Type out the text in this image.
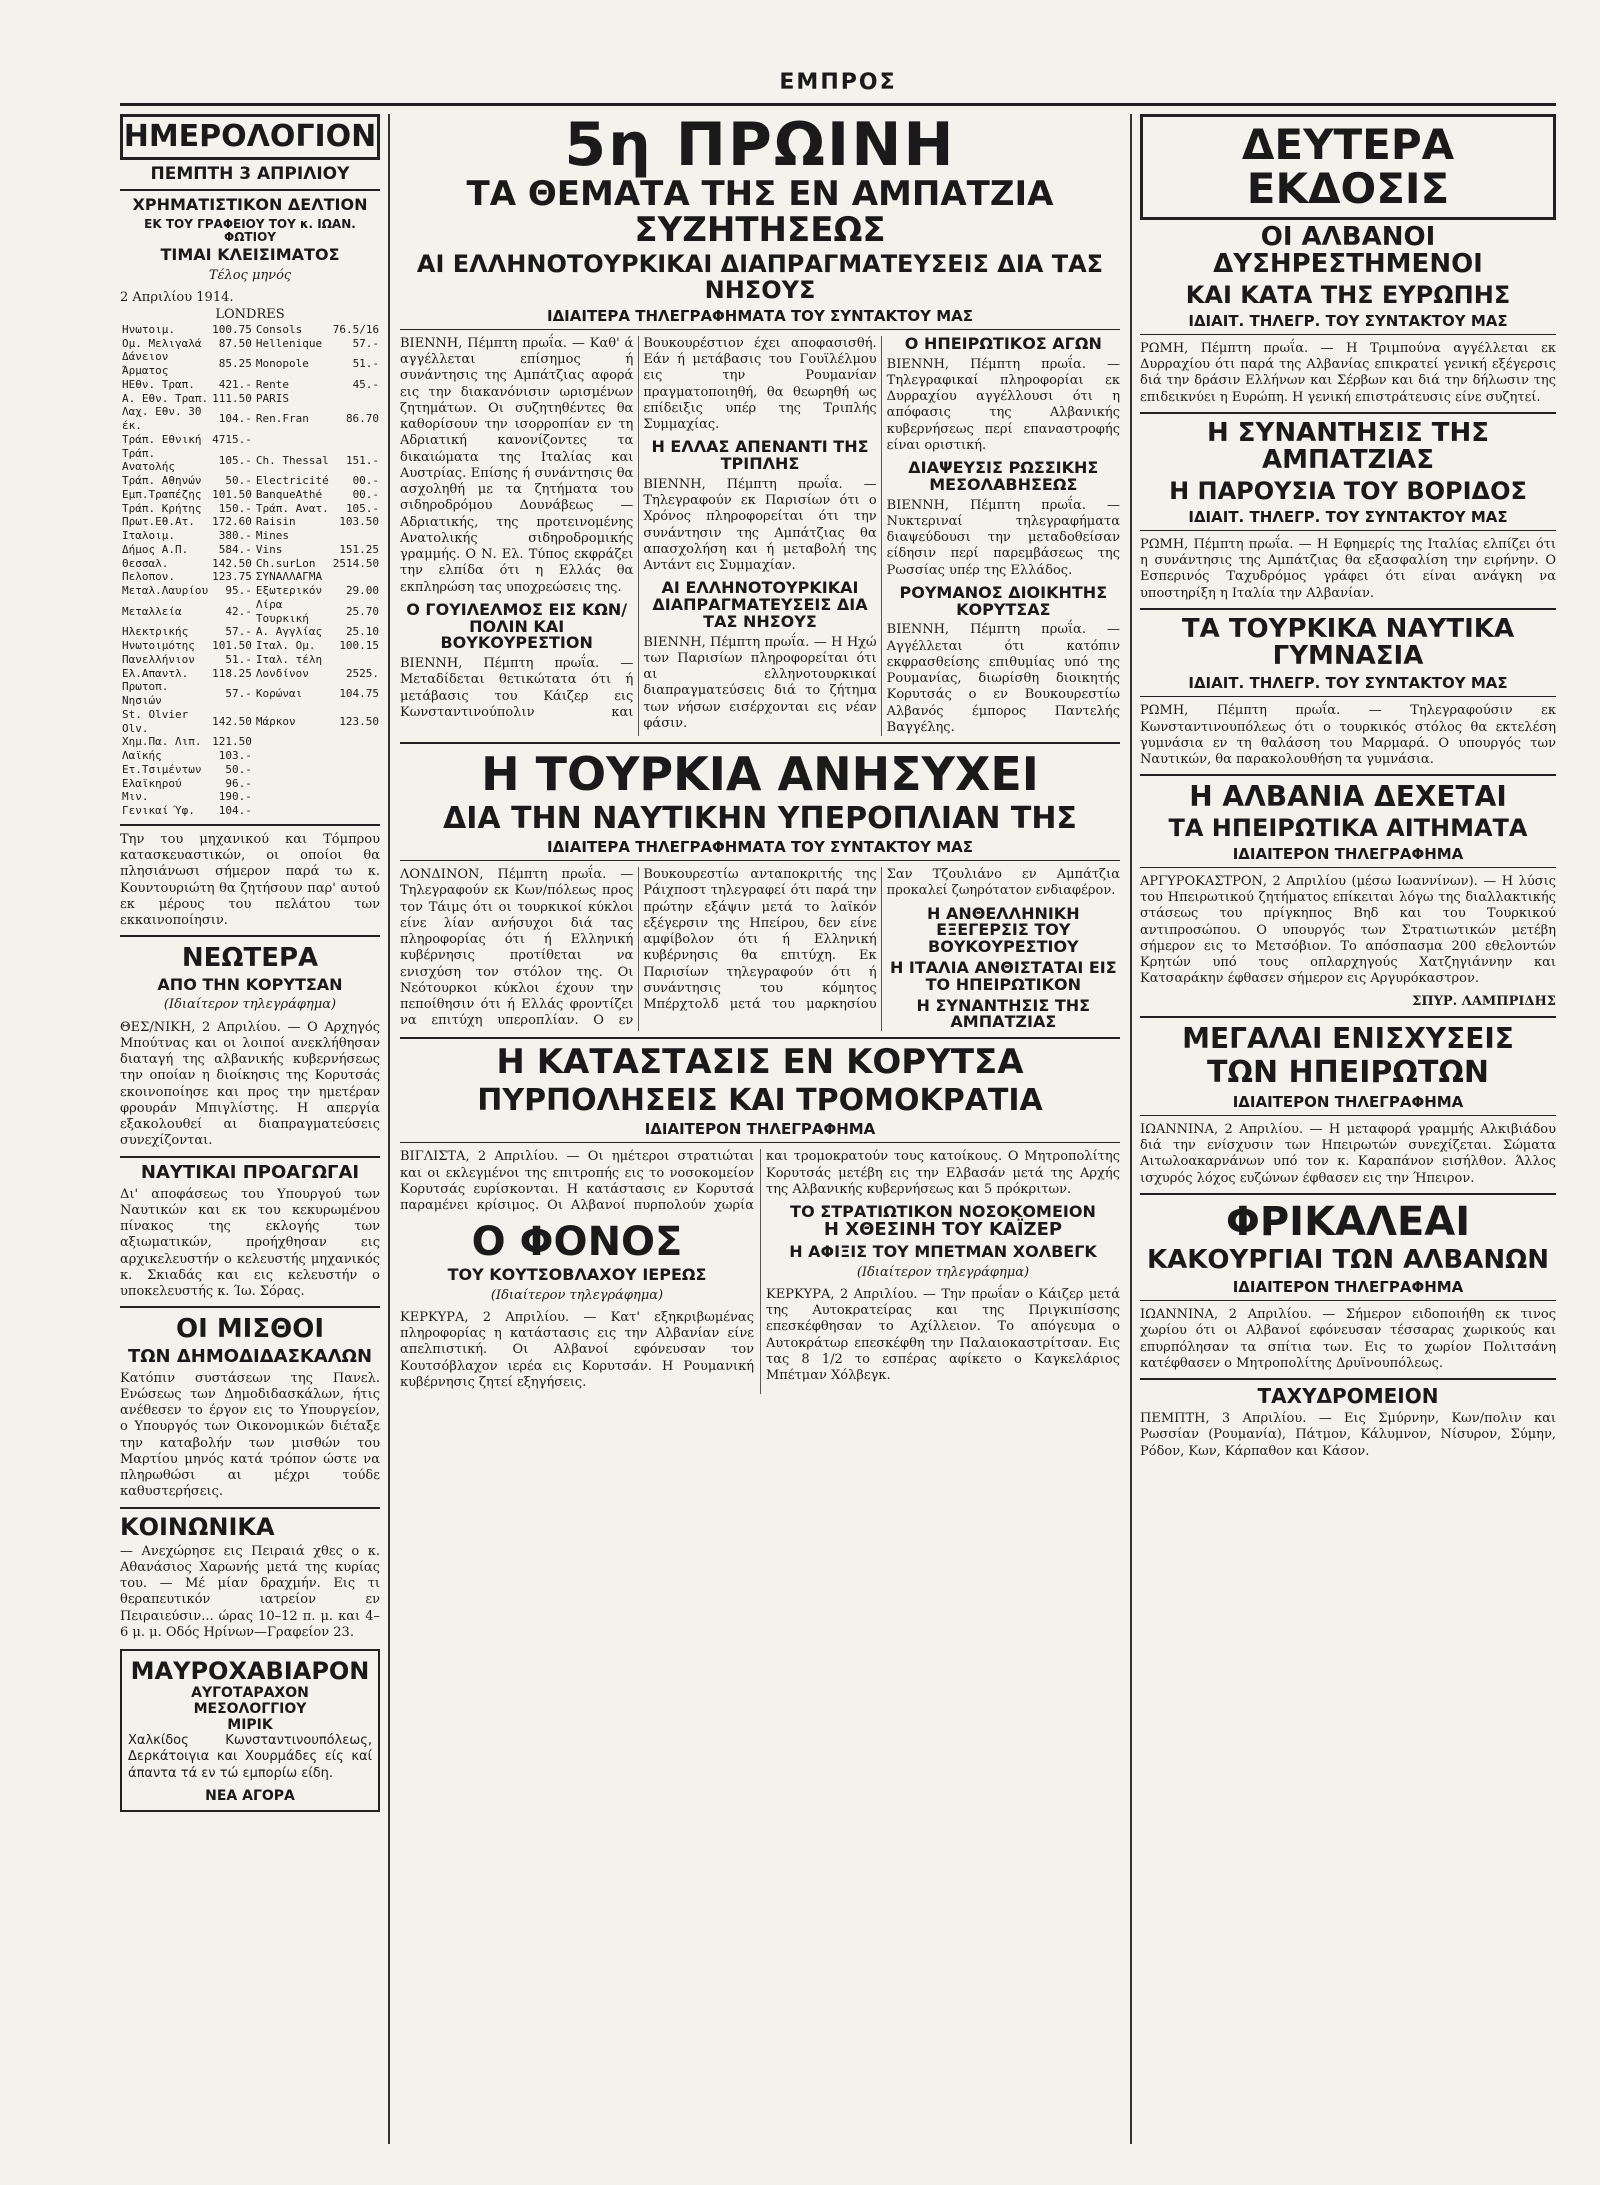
ΕΜΠΡΟΣ
ΗΜΕΡΟΛΟΓΙΟΝ
ΠΕΜΠΤΗ 3 ΑΠΡΙΛΙΟΥ
ΧΡΗΜΑΤΙΣΤΙΚΟΝ ΔΕΛΤΙΟΝ
ΕΚ ΤΟΥ ΓΡΑΦΕΙΟΥ ΤΟΥ κ. ΙΩΑΝ. ΦΩΤΙΟΥ
ΤΙΜΑΙ ΚΛΕΙΣΙΜΑΤΟΣ

Τέλος μηνός

2 Απριλίου 1914.

LONDRES

Ηνωτοιμ.	100.75	Consols	76.5/16
Ομ. Μελιγαλά	87.50	Hellenique	57.-
Δάνειον Άρματος	85.25	Monopole	51.-
ΗΕθν. Τραπ.	421.-	Rente	45.-
Α. Εθν. Τραπ.	111.50	PARIS	
Λαχ. Εθν. 30 έκ.	104.-	Ren.Fran	86.70
Τράπ. Εθνική	4715.-		
Τράπ. Ανατολής	105.-	Ch. Thessal	151.-
Τράπ. Αθηνών	50.-	Electricité	00.-
Εμπ.Τραπέζης	101.50	BanqueAthé	00.-
Τράπ. Κρήτης	150.-	Τράπ. Ανατ.	105.-
Πρωτ.Εθ.Ατ.	172.60	Raisin	103.50
Ιταλοιμ.	380.-	Mines	
Δήμος Α.Π.	584.-	Vins	151.25
Θεσσαλ.	142.50	Ch.surLon	2514.50
Πελοπον.	123.75	ΣΥΝΑΛΛΑΓΜΑ	
Μεταλ.Λαυρίου	95.-	Εξωτερικόν	29.00
Μεταλλεία	42.-	Λίρα Τουρκική	25.70
Ηλεκτρικής	57.-	Α. Αγγλίας	25.10
Ηνωτοιμότης	101.50	Ιταλ. Ομ.	100.15
Πανελλήνιον	51.-	Ιταλ. τέλη	
Ελ.Απαντλ.	118.25	Λονδίνον	2525.
Πρωτοπ. Νησιών	57.-	Κορώναι	104.75
St. Olvier Olv.	142.50	Μάρκον	123.50
Χημ.Πα. Λιπ.	121.50		
Λαϊκής	103.-		
Ετ.Τσιμέντων	50.-		
Ελαϊκηρού	96.-		
Μιν.	190.-		
Γενικαί Ύφ.	104.-		

Την του μηχανικού και Τόμπρου κατασκευαστικών, οι οποίοι θα πλησιάνωσι σήμερον παρά τω κ. Κουντουριώτη θα ζητήσουν παρ' αυτού εκ μέρους του πελάτου των εκκαινοποίησιν.

ΝΕΩΤΕΡΑ
ΑΠΟ ΤΗΝ ΚΟΡΥΤΣΑΝ

(Ιδιαίτερον τηλεγράφημα)

ΘΕΣ/ΝΙΚΗ, 2 Απριλίου. — Ο Αρχηγός Μπούτνας και οι λοιποί ανεκλήθησαν διαταγή της αλβανικής κυβερνήσεως την οποίαν η διοίκησις της Κορυτσάς εκοινοποίησε και προς την ημετέραν φρουράν Μπιγλίστης. Η απεργία εξακολουθεί αι διαπραγματεύσεις συνεχίζονται.

ΝΑΥΤΙΚΑΙ ΠΡΟΑΓΩΓΑΙ

Δι' αποφάσεως του Υπουργού των Ναυτικών και εκ του κεκυρωμένου πίνακος της εκλογής των αξιωματικών, προήχθησαν εις αρχικελευστήν ο κελευστής μηχανικός κ. Σκιαδάς και εις κελευστήν ο υποκελευστής κ. Ίω. Σόρας.

ΟΙ ΜΙΣΘΟΙ
ΤΩΝ ΔΗΜΟΔΙΔΑΣΚΑΛΩΝ

Κατόπιν συστάσεων της Πανελ. Ενώσεως των Δημοδιδασκάλων, ήτις ανέθεσεν το έργον εις το Υπουργείον, ο Υπουργός των Οικονομικών διέταξε την καταβολήν των μισθών του Μαρτίου μηνός κατά τρόπον ώστε να πληρωθώσι αι μέχρι τούδε καθυστερήσεις.

ΚΟΙΝΩΝΙΚΑ

— Ανεχώρησε εις Πειραιά χθες ο κ. Αθανάσιος Χαρωνής μετά της κυρίας του. — Μέ μίαν δραχμήν. Εις τι θεραπευτικόν ιατρείον εν Πειραιεύσιν... ώρας 10–12 π. μ. και 4–6 μ. μ. Οδός Ηρίνων—Γραφείον 23.

ΜΑΥΡΟΧΑΒΙΑΡΟΝ
ΑΥΓΟΤΑΡΑΧΟΝ
ΜΕΣΟΛΟΓΓΙΟΥ
ΜΙΡΙΚ

Χαλκίδος Κωνσταντινουπόλεως, Δερκάτοιγια και Χουρμάδες είς καί άπαντα τά εν τώ εμπορίω είδη.

ΝΕΑ ΑΓΟΡΑ
5η ΠΡΩΙΝΗ
ΤΑ ΘΕΜΑΤΑ ΤΗΣ ΕΝ ΑΜΠΑΤΖΙΑ ΣΥΖΗΤΗΣΕΩΣ
ΑΙ ΕΛΛΗΝΟΤΟΥΡΚΙΚΑΙ ΔΙΑΠΡΑΓΜΑΤΕΥΣΕΙΣ ΔΙΑ ΤΑΣ ΝΗΣΟΥΣ
ΙΔΙΑΙΤΕΡΑ ΤΗΛΕΓΡΑΦΗΜΑΤΑ ΤΟΥ ΣΥΝΤΑΚΤΟΥ ΜΑΣ

ΒΙΕΝΝΗ, Πέμπτη πρωΐα. — Καθ' ά αγγέλλεται επίσημος ή συνάντησις της Αμπάτζιας αφορά εις την διακανόνισιν ωρισμένων ζητημάτων. Οι συζητηθέντες θα καθορίσουν την ισορροπίαν εν τη Αδριατική κανονίζοντες τα δικαιώματα της Ιταλίας και Αυστρίας. Επίσης ή συνάντησις θα ασχοληθή με τα ζητήματα του σιδηροδρόμου Δουνάβεως — Αδριατικής, της προτεινομένης Ανατολικής σιδηροδρομικής γραμμής. Ο Ν. Ελ. Τύπος εκφράζει την ελπίδα ότι η Ελλάς θα εκπληρώση τας υποχρεώσεις της.

Ο ΓΟΥΙΛΕΛΜΟΣ ΕΙΣ ΚΩΝ/ΠΟΛΙΝ ΚΑΙ ΒΟΥΚΟΥΡΕΣΤΙΟΝ

ΒΙΕΝΝΗ, Πέμπτη πρωΐα. — Μεταδίδεται θετικώτατα ότι ή μετάβασις του Κάιζερ εις Κωνσταντινούπολιν και Βουκουρέστιον έχει αποφασισθή. Εάν ή μετάβασις του Γουϊλέλμου εις την Ρουμανίαν πραγματοποιηθή, θα θεωρηθή ως επίδειξις υπέρ της Τριπλής Συμμαχίας.

Η ΕΛΛΑΣ ΑΠΕΝΑΝΤΙ ΤΗΣ ΤΡΙΠΛΗΣ

ΒΙΕΝΝΗ, Πέμπτη πρωΐα. — Τηλεγραφούν εκ Παρισίων ότι ο Χρόνος πληροφορείται ότι την συνάντησιν της Αμπάτζιας θα απασχολήση και ή μεταβολή της Αντάντ εις Συμμαχίαν.

ΑΙ ΕΛΛΗΝΟΤΟΥΡΚΙΚΑΙ ΔΙΑΠΡΑΓΜΑΤΕΥΣΕΙΣ ΔΙΑ ΤΑΣ ΝΗΣΟΥΣ

ΒΙΕΝΝΗ, Πέμπτη πρωΐα. — Η Ηχώ των Παρισίων πληροφορείται ότι αι ελληνοτουρκικαί διαπραγματεύσεις διά το ζήτημα των νήσων εισέρχονται εις νέαν φάσιν.

Ο ΗΠΕΙΡΩΤΙΚΟΣ ΑΓΩΝ

ΒΙΕΝΝΗ, Πέμπτη πρωΐα. — Τηλεγραφικαί πληροφορίαι εκ Δυρραχίου αγγέλλουσι ότι η απόφασις της Αλβανικής κυβερνήσεως περί επαναστροφής είναι οριστική.

ΔΙΑΨΕΥΣΙΣ ΡΩΣΣΙΚΗΣ ΜΕΣΟΛΑΒΗΣΕΩΣ

ΒΙΕΝΝΗ, Πέμπτη πρωΐα. — Νυκτεριναί τηλεγραφήματα διαψεύδουσι την μεταδοθείσαν είδησιν περί παρεμβάσεως της Ρωσσίας υπέρ της Ελλάδος.

ΡΟΥΜΑΝΟΣ ΔΙΟΙΚΗΤΗΣ ΚΟΡΥΤΣΑΣ

ΒΙΕΝΝΗ, Πέμπτη πρωΐα. — Αγγέλλεται ότι κατόπιν εκφρασθείσης επιθυμίας υπό της Ρουμανίας, διωρίσθη διοικητής Κορυτσάς ο εν Βουκουρεστίω Αλβανός έμπορος Παντελής Βαγγέλης.

Η ΤΟΥΡΚΙΑ ΑΝΗΣΥΧΕΙ
ΔΙΑ ΤΗΝ ΝΑΥΤΙΚΗΝ ΥΠΕΡΟΠΛΙΑΝ ΤΗΣ
ΙΔΙΑΙΤΕΡΑ ΤΗΛΕΓΡΑΦΗΜΑΤΑ ΤΟΥ ΣΥΝΤΑΚΤΟΥ ΜΑΣ

ΛΟΝΔΙΝΟΝ, Πέμπτη πρωΐα. — Τηλεγραφούν εκ Κων/πόλεως προς τον Τάιμς ότι οι τουρκικοί κύκλοι είνε λίαν ανήσυχοι διά τας πληροφορίας ότι ή Ελληνική κυβέρνησις προτίθεται να ενισχύση τον στόλον της. Οι Νεότουρκοι κύκλοι έχουν την πεποίθησιν ότι ή Ελλάς φροντίζει να επιτύχη υπεροπλίαν. Ο εν Βουκουρεστίω ανταποκριτής της Ράιχποστ τηλεγραφεί ότι παρά την πρώτην εξάψιν μετά το λαϊκόν εξέγερσιν της Ηπείρου, δεν είνε αμφίβολον ότι ή Ελληνική κυβέρνησις θα επιτύχη. Εκ Παρισίων τηλεγραφούν ότι ή συνάντησις του κόμητος Μπέρχτολδ μετά του μαρκησίου Σαν Τζουλιάνο εν Αμπάτζια προκαλεί ζωηρότατον ενδιαφέρον.

Η ΑΝΘΕΛΛΗΝΙΚΗ ΕΞΕΓΕΡΣΙΣ ΤΟΥ ΒΟΥΚΟΥΡΕΣΤΙΟΥ
Η ΙΤΑΛΙΑ ΑΝΘΙΣΤΑΤΑΙ ΕΙΣ ΤΟ ΗΠΕΙΡΩΤΙΚΟΝ
Η ΣΥΝΑΝΤΗΣΙΣ ΤΗΣ ΑΜΠΑΤΖΙΑΣ
Η ΚΑΤΑΣΤΑΣΙΣ ΕΝ ΚΟΡΥΤΣΑ
ΠΥΡΠΟΛΗΣΕΙΣ ΚΑΙ ΤΡΟΜΟΚΡΑΤΙΑ
ΙΔΙΑΙΤΕΡΟΝ ΤΗΛΕΓΡΑΦΗΜΑ

ΒΙΓΛΙΣΤΑ, 2 Απριλίου. — Οι ημέτεροι στρατιώται και οι εκλεγμένοι της επιτροπής εις το νοσοκομείον Κορυτσάς ευρίσκονται. Η κατάστασις εν Κορυτσά παραμένει κρίσιμος. Οι Αλβανοί πυρπολούν χωρία και τρομοκρατούν τους κατοίκους. Ο Μητροπολίτης Κορυτσάς μετέβη εις την Ελβασάν μετά της Αρχής της Αλβανικής κυβερνήσεως και 5 πρόκριτων.

ΤΟ ΣΤΡΑΤΙΩΤΙΚΟΝ ΝΟΣΟΚΟΜΕΙΟΝ
Ο ΦΟΝΟΣ
ΤΟΥ ΚΟΥΤΣΟΒΛΑΧΟΥ ΙΕΡΕΩΣ

(Ιδιαίτερον τηλεγράφημα)

ΚΕΡΚΥΡΑ, 2 Απριλίου. — Κατ' εξηκριβωμένας πληροφορίας η κατάστασις εις την Αλβανίαν είνε απελπιστική. Οι Αλβανοί εφόνευσαν τον Κουτσόβλαχον ιερέα εις Κορυτσάν. Η Ρουμανική κυβέρνησις ζητεί εξηγήσεις.

Η ΧΘΕΣΙΝΗ ΤΟΥ ΚΑΪΖΕΡ
Η ΑΦΙΞΙΣ ΤΟΥ ΜΠΕΤΜΑΝ ΧΟΛΒΕΓΚ

(Ιδιαίτερον τηλεγράφημα)

ΚΕΡΚΥΡΑ, 2 Απριλίου. — Την πρωΐαν ο Κάιζερ μετά της Αυτοκρατείρας και της Πριγκιπίσσης επεσκέφθησαν το Αχίλλειον. Το απόγευμα ο Αυτοκράτωρ επεσκέφθη την Παλαιοκαστρίτσαν. Εις τας 8 1/2 το εσπέρας αφίκετο ο Καγκελάριος Μπέτμαν Χόλβεγκ.

ΔΕΥΤΕΡΑ ΕΚΔΟΣΙΣ
ΟΙ ΑΛΒΑΝΟΙ ΔΥΣΗΡΕΣΤΗΜΕΝΟΙ
ΚΑΙ ΚΑΤΑ ΤΗΣ ΕΥΡΩΠΗΣ
ΙΔΙΑΙΤ. ΤΗΛΕΓΡ. ΤΟΥ ΣΥΝΤΑΚΤΟΥ ΜΑΣ

ΡΩΜΗ, Πέμπτη πρωΐα. — Η Τριμπούνα αγγέλλεται εκ Δυρραχίου ότι παρά της Αλβανίας επικρατεί γενική εξέγερσις διά την δράσιν Ελλήνων και Σέρβων και διά την δήλωσιν της επιδεικνύει η Ευρώπη. Η γενική επιστράτευσις είνε συζητεί.

Η ΣΥΝΑΝΤΗΣΙΣ ΤΗΣ ΑΜΠΑΤΖΙΑΣ
Η ΠΑΡΟΥΣΙΑ ΤΟΥ ΒΟΡΙΔΟΣ
ΙΔΙΑΙΤ. ΤΗΛΕΓΡ. ΤΟΥ ΣΥΝΤΑΚΤΟΥ ΜΑΣ

ΡΩΜΗ, Πέμπτη πρωΐα. — Η Εφημερίς της Ιταλίας ελπίζει ότι η συνάντησις της Αμπάτζιας θα εξασφαλίση την ειρήνην. Ο Εσπερινός Ταχυδρόμος γράφει ότι είναι ανάγκη να υποστηρίξη η Ιταλία την Αλβανίαν.

ΤΑ ΤΟΥΡΚΙΚΑ ΝΑΥΤΙΚΑ ΓΥΜΝΑΣΙΑ
ΙΔΙΑΙΤ. ΤΗΛΕΓΡ. ΤΟΥ ΣΥΝΤΑΚΤΟΥ ΜΑΣ

ΡΩΜΗ, Πέμπτη πρωΐα. — Τηλεγραφούσιν εκ Κωνσταντινουπόλεως ότι ο τουρκικός στόλος θα εκτελέση γυμνάσια εν τη θαλάσση του Μαρμαρά. Ο υπουργός των Ναυτικών, θα παρακολουθήση τα γυμνάσια.

Η ΑΛΒΑΝΙΑ ΔΕΧΕΤΑΙ
ΤΑ ΗΠΕΙΡΩΤΙΚΑ ΑΙΤΗΜΑΤΑ
ΙΔΙΑΙΤΕΡΟΝ ΤΗΛΕΓΡΑΦΗΜΑ

ΑΡΓΥΡΟΚΑΣΤΡΟΝ, 2 Απριλίου (μέσω Ιωαννίνων). — Η λύσις του Ηπειρωτικού ζητήματος επίκειται λόγω της διαλλακτικής στάσεως του πρίγκηπος Βηδ και του Τουρκικού αντιπροσώπου. Ο υπουργός των Στρατιωτικών μετέβη σήμερον εις το Μετσόβιον. Το απόσπασμα 200 εθελοντών Κρητών υπό τους οπλαρχηγούς Χατζηγιάννην και Κατσαράκην έφθασεν σήμερον εις Αργυρόκαστρον.

ΣΠΥΡ. ΛΑΜΠΡΙΔΗΣ

ΜΕΓΑΛΑΙ ΕΝΙΣΧΥΣΕΙΣ
ΤΩΝ ΗΠΕΙΡΩΤΩΝ
ΙΔΙΑΙΤΕΡΟΝ ΤΗΛΕΓΡΑΦΗΜΑ

ΙΩΑΝΝΙΝΑ, 2 Απριλίου. — Η μεταφορά γραμμής Αλκιβιάδου διά την ενίσχυσιν των Ηπειρωτών συνεχίζεται. Σώματα Αιτωλοακαρνάνων υπό τον κ. Καραπάνον εισήλθον. Άλλος ισχυρός λόχος ευζώνων έφθασεν εις την Ήπειρον.

ΦΡΙΚΑΛΕΑΙ
ΚΑΚΟΥΡΓΙΑΙ ΤΩΝ ΑΛΒΑΝΩΝ
ΙΔΙΑΙΤΕΡΟΝ ΤΗΛΕΓΡΑΦΗΜΑ

ΙΩΑΝΝΙΝΑ, 2 Απριλίου. — Σήμερον ειδοποιήθη εκ τινος χωρίου ότι οι Αλβανοί εφόνευσαν τέσσαρας χωρικούς και επυρπόλησαν τα σπίτια των. Εις το χωρίον Πολιτσάνη κατέφθασεν ο Μητροπολίτης Δρυϊνουπόλεως.

ΤΑΧΥΔΡΟΜΕΙΟΝ

ΠΕΜΠΤΗ, 3 Απριλίου. — Εις Σμύρνην, Κων/πολιν και Ρωσσίαν (Ρουμανία), Πάτμον, Κάλυμνον, Νίσυρον, Σύμην, Ρόδον, Κων, Κάρπαθον και Κάσον.
